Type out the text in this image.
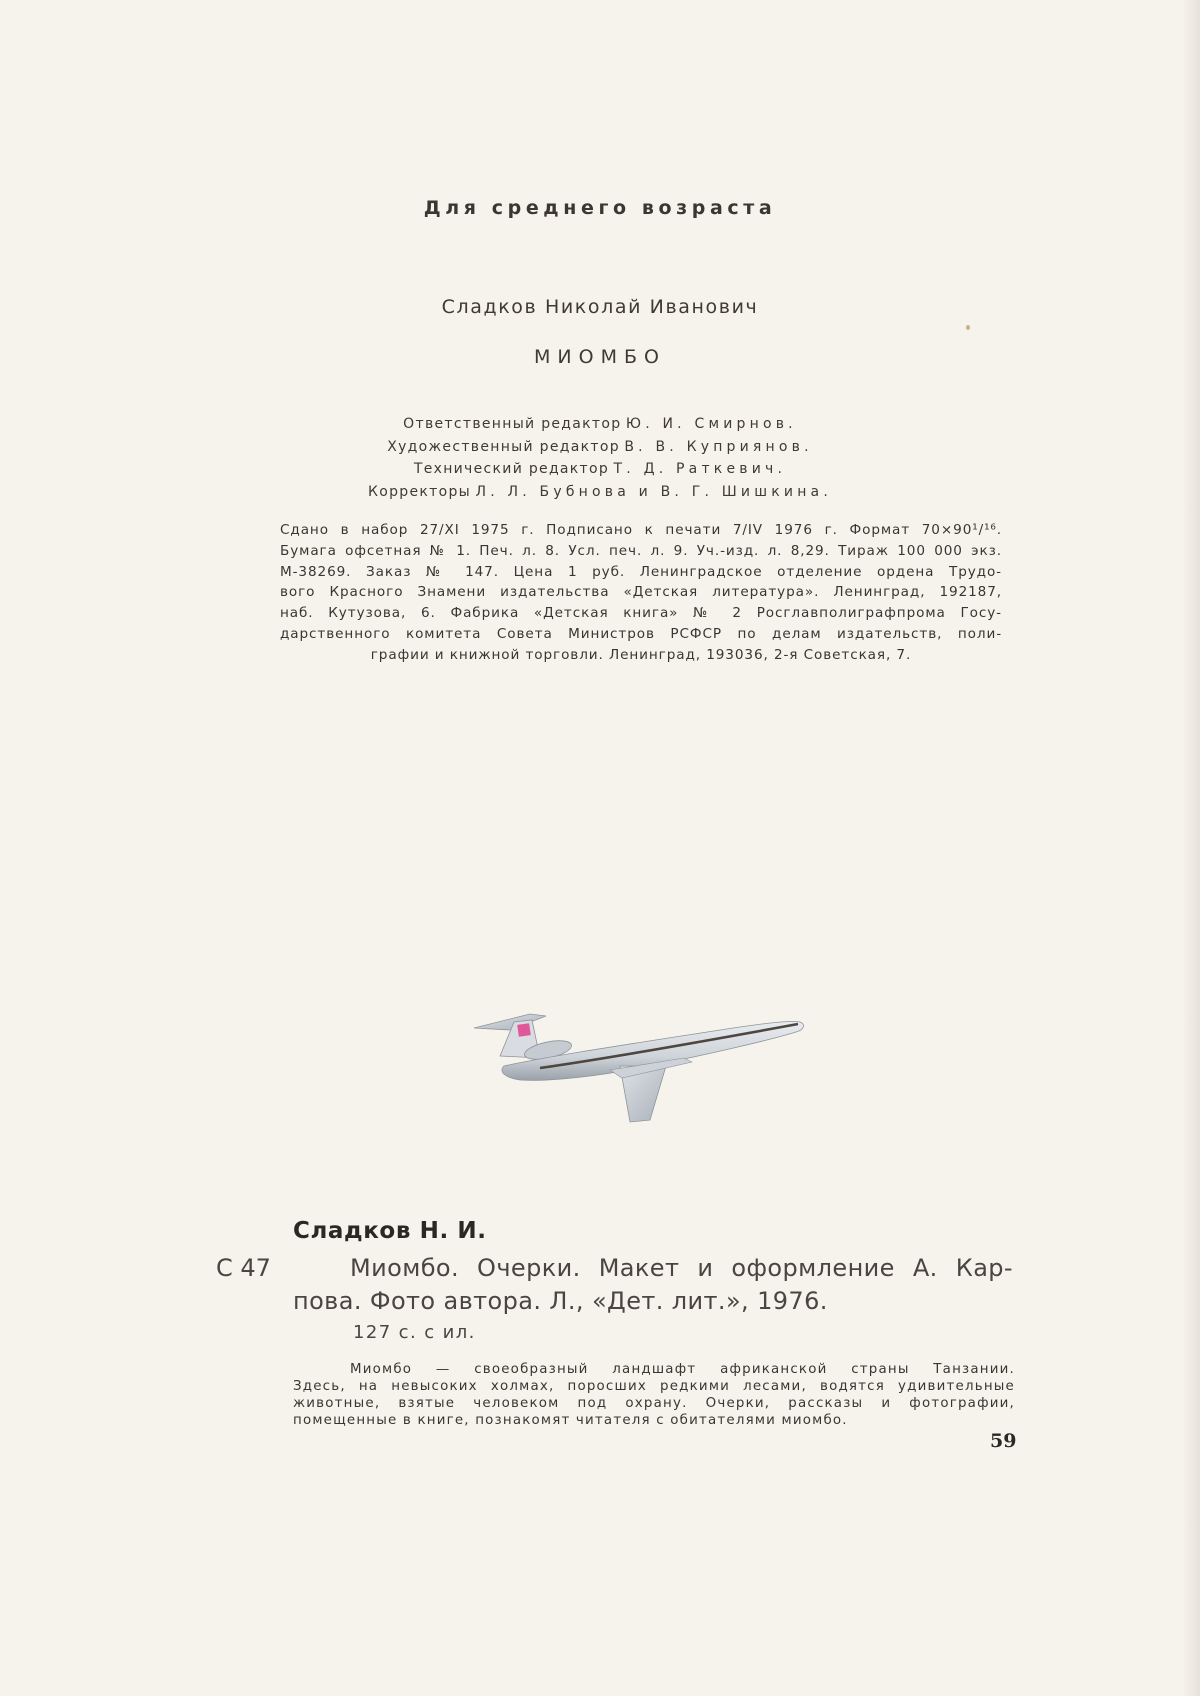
Для среднего возраста
Сладков Николай Иванович
МИОМБО
Ответственный редактор Ю. И. Смирнов.
Художественный редактор В. В. Куприянов.
Технический редактор Т. Д. Раткевич.
Корректоры Л. Л. Бубнова и В. Г. Шишкина.
Сдано в набор 27/XI 1975 г. Подписано к печати 7/IV 1976 г. Формат 70×90¹/¹⁶.
Бумага офсетная № 1. Печ. л. 8. Усл. печ. л. 9. Уч.-изд. л. 8,29. Тираж 100 000 экз.
М-38269. Заказ № 147. Цена 1 руб. Ленинградское отделение ордена Трудо-
вого Красного Знамени издательства «Детская литература». Ленинград, 192187,
наб. Кутузова, 6. Фабрика «Детская книга» № 2 Росглавполиграфпрома Госу-
дарственного комитета Совета Министров РСФСР по делам издательств, поли-
графии и книжной торговли. Ленинград, 193036, 2-я Советская, 7.
Сладков Н. И.
С 47	Миомбо. Очерки. Макет и оформление А. Кар-
пова. Фото автора. Л., «Дет. лит.», 1976.
127 с. с ил.
Миомбо — своеобразный ландшафт африканской страны Танзании.
Здесь, на невысоких холмах, поросших редкими лесами, водятся удивительные
животные, взятые человеком под охрану. Очерки, рассказы и фотографии,
помещенные в книге, познакомят читателя с обитателями миомбо.
59
